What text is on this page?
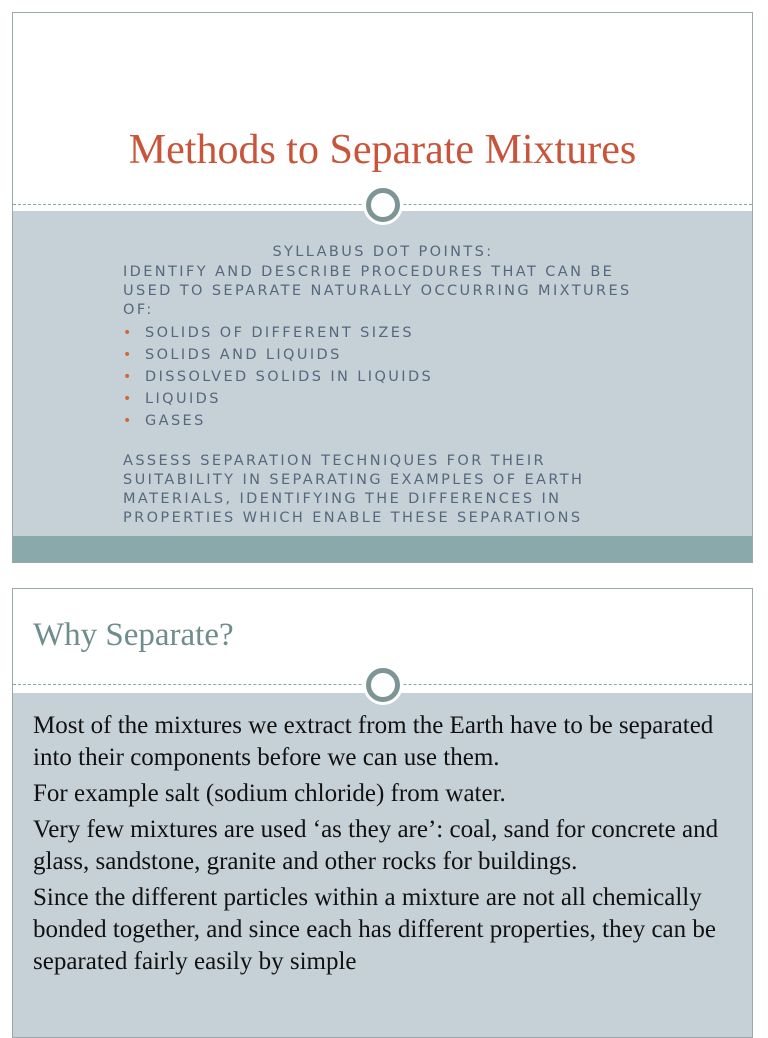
Methods to Separate Mixtures

SYLLABUS DOT POINTS:

IDENTIFY AND DESCRIBE PROCEDURES THAT CAN BE USED TO SEPARATE NATURALLY OCCURRING MIXTURES OF:

• SOLIDS OF DIFFERENT SIZES
• SOLIDS AND LIQUIDS
• DISSOLVED SOLIDS IN LIQUIDS
• LIQUIDS
• GASES

ASSESS SEPARATION TECHNIQUES FOR THEIR SUITABILITY IN SEPARATING EXAMPLES OF EARTH MATERIALS, IDENTIFYING THE DIFFERENCES IN PROPERTIES WHICH ENABLE THESE SEPARATIONS

Why Separate?

Most of the mixtures we extract from the Earth have to be separated into their components before we can use them.

For example salt (sodium chloride) from water.

Very few mixtures are used ‘as they are’: coal, sand for concrete and glass, sandstone, granite and other rocks for buildings.

Since the different particles within a mixture are not all chemically bonded together, and since each has different properties, they can be separated fairly easily by simple
